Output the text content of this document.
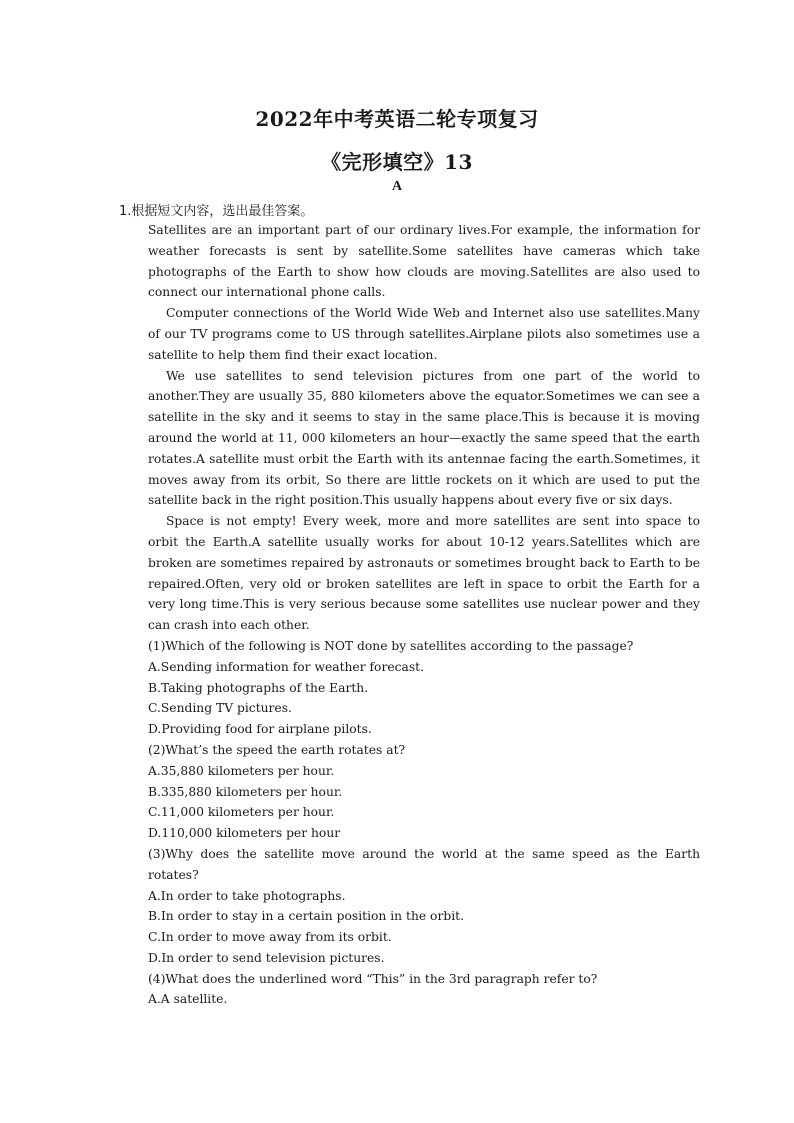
2022年中考英语二轮专项复习
《完形填空》13
A
1.根据短文内容，选出最佳答案。

Satellites are an important part of our ordinary lives.For example, the information for weather forecasts is sent by satellite.Some satellites have cameras which take photographs of the Earth to show how clouds are moving.Satellites are also used to connect our international phone calls.

Computer connections of the World Wide Web and Internet also use satellites.Many of our TV programs come to US through satellites.Airplane pilots also sometimes use a satellite to help them find their exact location.

We use satellites to send television pictures from one part of the world to another.They are usually 35, 880 kilometers above the equator.Sometimes we can see a satellite in the sky and it seems to stay in the same place.This is because it is moving around the world at 11, 000 kilometers an hour—exactly the same speed that the earth rotates.A satellite must orbit the Earth with its antennae facing the earth.Sometimes, it moves away from its orbit, So there are little rockets on it which are used to put the satellite back in the right position.This usually happens about every five or six days.

Space is not empty! Every week, more and more satellites are sent into space to orbit the Earth.A satellite usually works for about 10-12 years.Satellites which are broken are sometimes repaired by astronauts or sometimes brought back to Earth to be repaired.Often, very old or broken satellites are left in space to orbit the Earth for a very long time.This is very serious because some satellites use nuclear power and they can crash into each other.

(1)Which of the following is NOT done by satellites according to the passage?

A.Sending information for weather forecast.

B.Taking photographs of the Earth.

C.Sending TV pictures.

D.Providing food for airplane pilots.

(2)What’s the speed the earth rotates at?

A.35,880 kilometers per hour.

B.335,880 kilometers per hour.

C.11,000 kilometers per hour.

D.110,000 kilometers per hour

(3)Why does the satellite move around the world at the same speed as the Earth rotates?

A.In order to take photographs.

B.In order to stay in a certain position in the orbit.

C.In order to move away from its orbit.

D.In order to send television pictures.

(4)What does the underlined word “This” in the 3rd paragraph refer to?

A.A satellite.
